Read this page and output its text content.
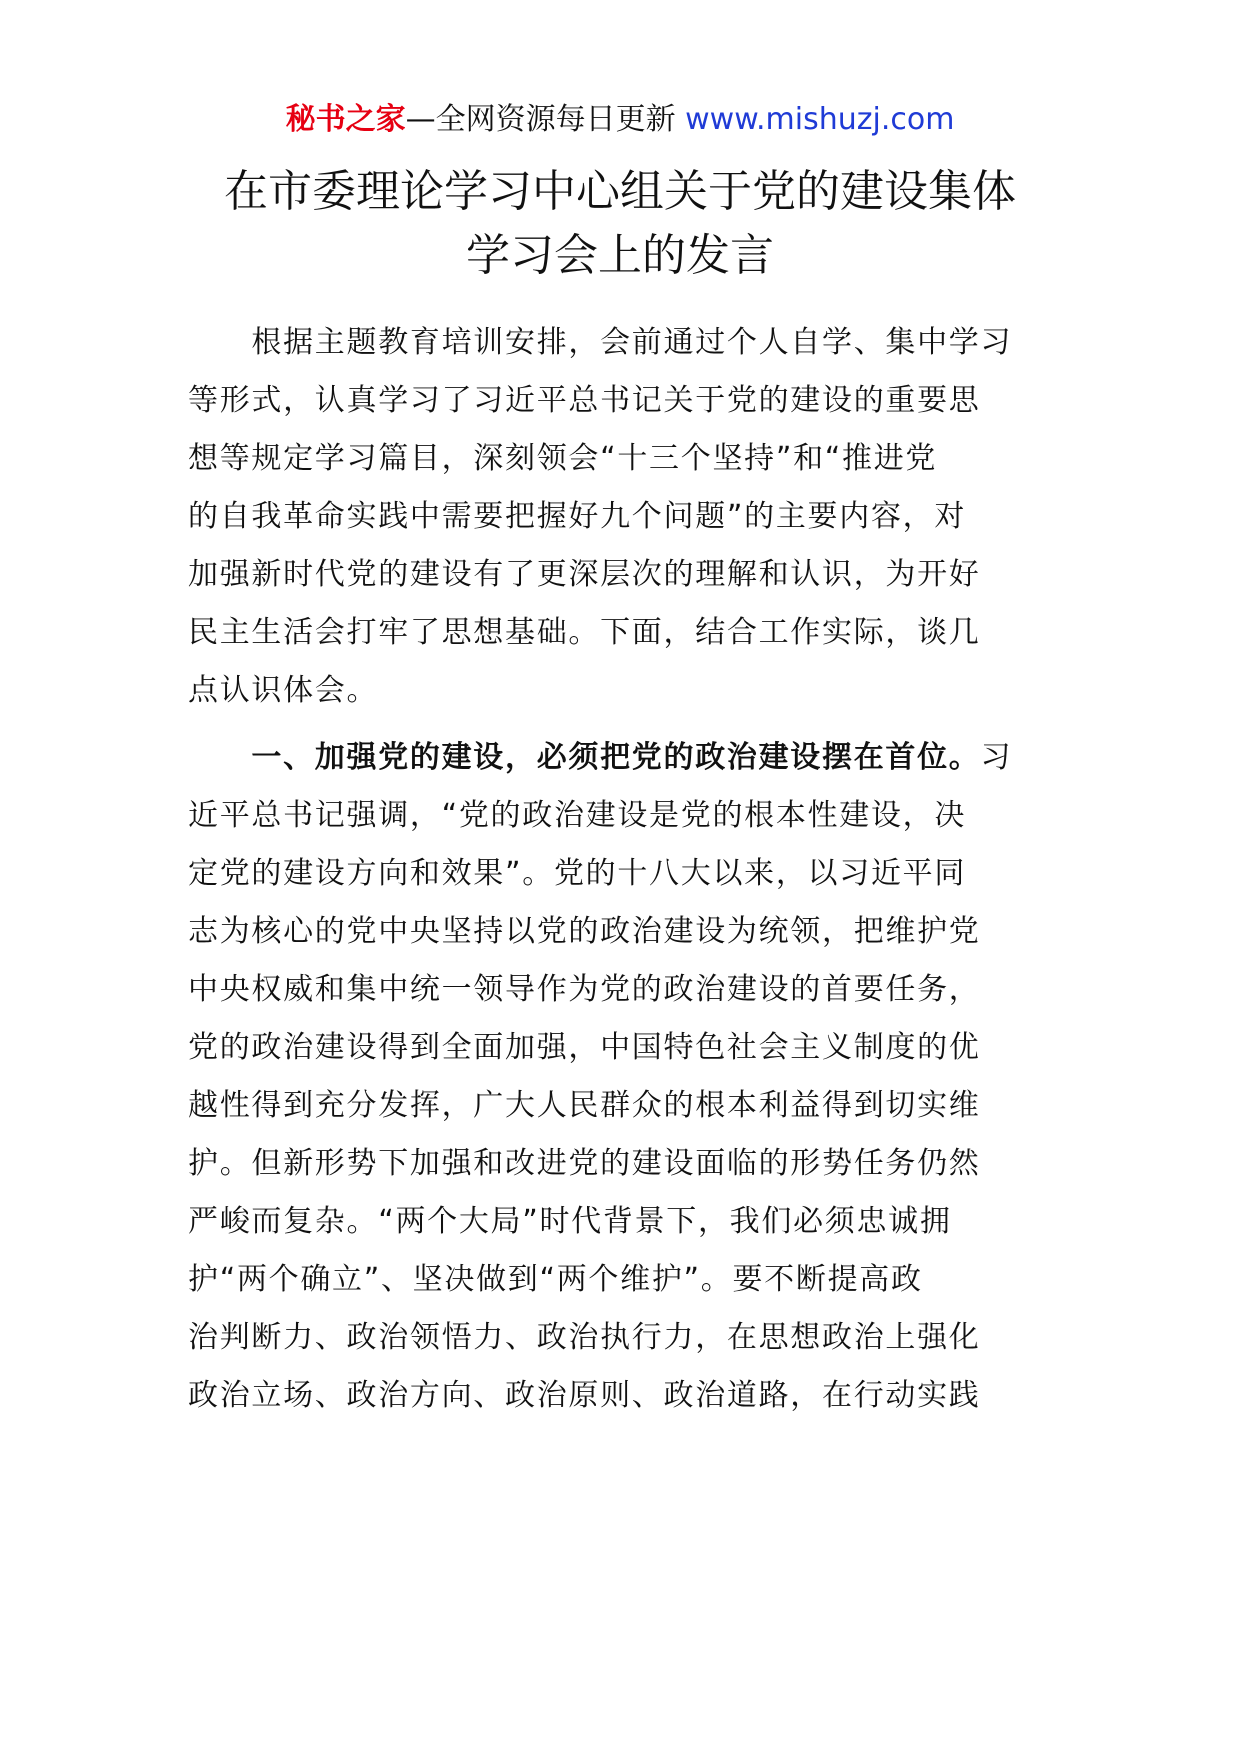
秘书之家—全网资源每日更新 www.mishuzj.com
在市委理论学习中心组关于党的建设集体
学习会上的发言
　　根据主题教育培训安排，会前通过个人自学、集中学习
等形式，认真学习了习近平总书记关于党的建设的重要思
想等规定学习篇目，深刻领会“十三个坚持”和“推进党
的自我革命实践中需要把握好九个问题”的主要内容，对
加强新时代党的建设有了更深层次的理解和认识，为开好
民主生活会打牢了思想基础。下面，结合工作实际，谈几
点认识体会。
　　一、加强党的建设，必须把党的政治建设摆在首位。习
近平总书记强调，“党的政治建设是党的根本性建设，决
定党的建设方向和效果”。党的十八大以来，以习近平同
志为核心的党中央坚持以党的政治建设为统领，把维护党
中央权威和集中统一领导作为党的政治建设的首要任务，
党的政治建设得到全面加强，中国特色社会主义制度的优
越性得到充分发挥，广大人民群众的根本利益得到切实维
护。但新形势下加强和改进党的建设面临的形势任务仍然
严峻而复杂。“两个大局”时代背景下，我们必须忠诚拥
护“两个确立”、坚决做到“两个维护”。要不断提高政
治判断力、政治领悟力、政治执行力，在思想政治上强化
政治立场、政治方向、政治原则、政治道路，在行动实践
